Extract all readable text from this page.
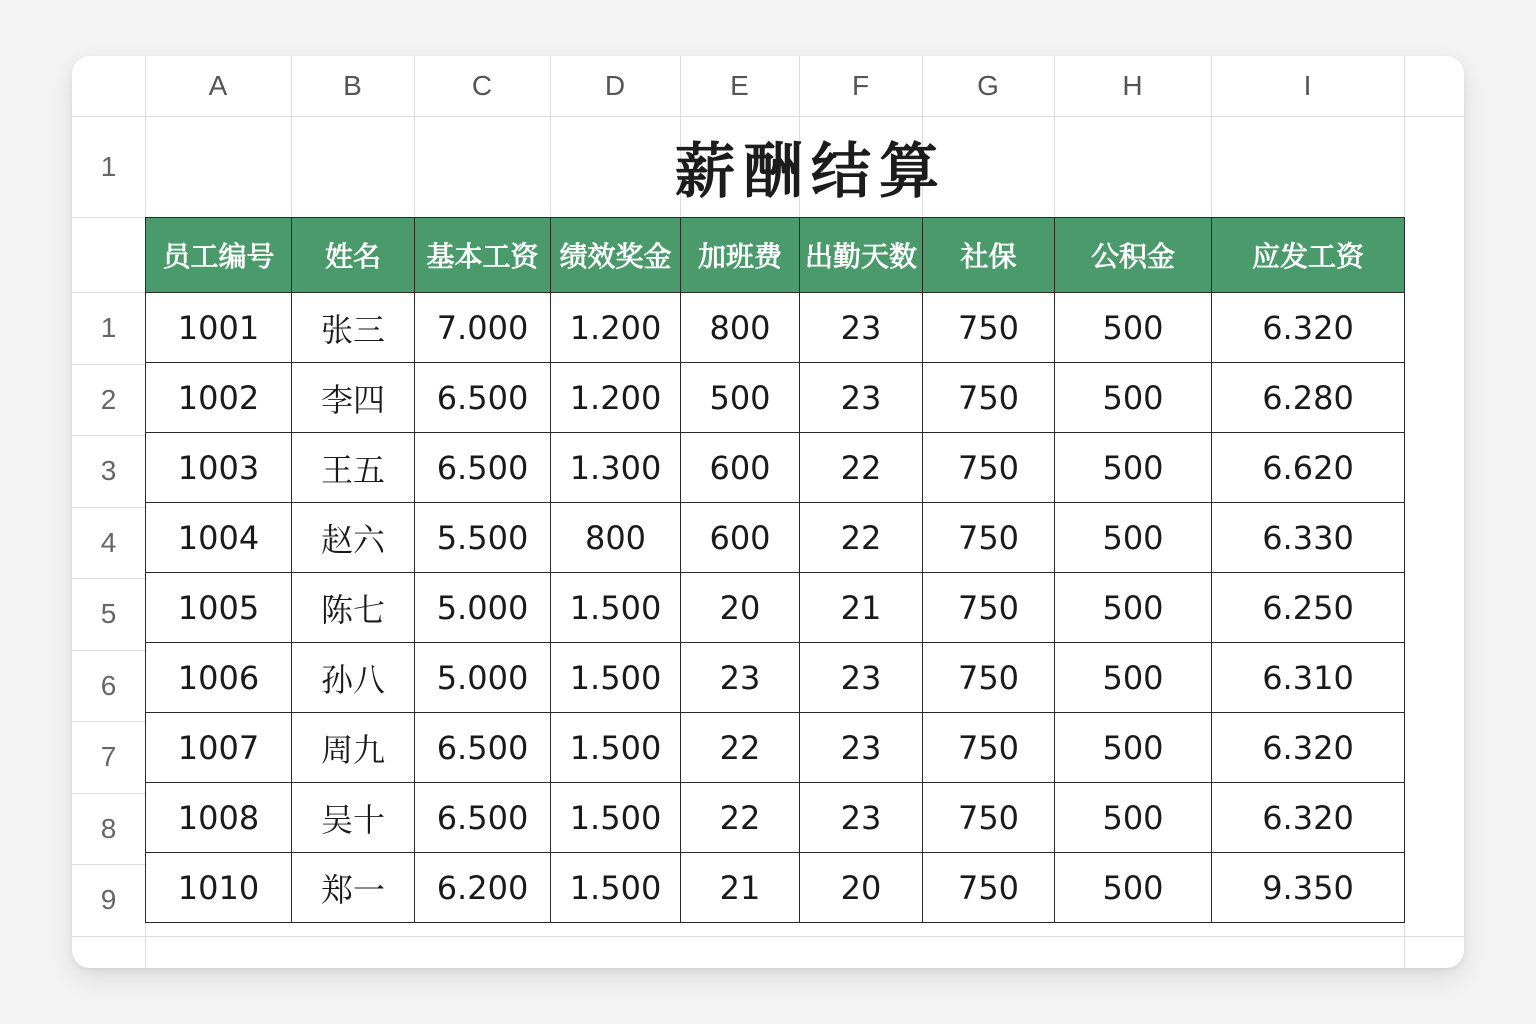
A	B	C	D	E	F	G	H	I
1
1
2
3
4
5
6
7
8
9
薪酬结算
员工编号	姓名	基本工资	绩效奖金	加班费	出勤天数	社保	公积金	应发工资
1001	张三	7.000	1.200	800	23	750	500	6.320
1002	李四	6.500	1.200	500	23	750	500	6.280
1003	王五	6.500	1.300	600	22	750	500	6.620
1004	赵六	5.500	800	600	22	750	500	6.330
1005	陈七	5.000	1.500	20	21	750	500	6.250
1006	孙八	5.000	1.500	23	23	750	500	6.310
1007	周九	6.500	1.500	22	23	750	500	6.320
1008	吴十	6.500	1.500	22	23	750	500	6.320
1010	郑一	6.200	1.500	21	20	750	500	9.350
